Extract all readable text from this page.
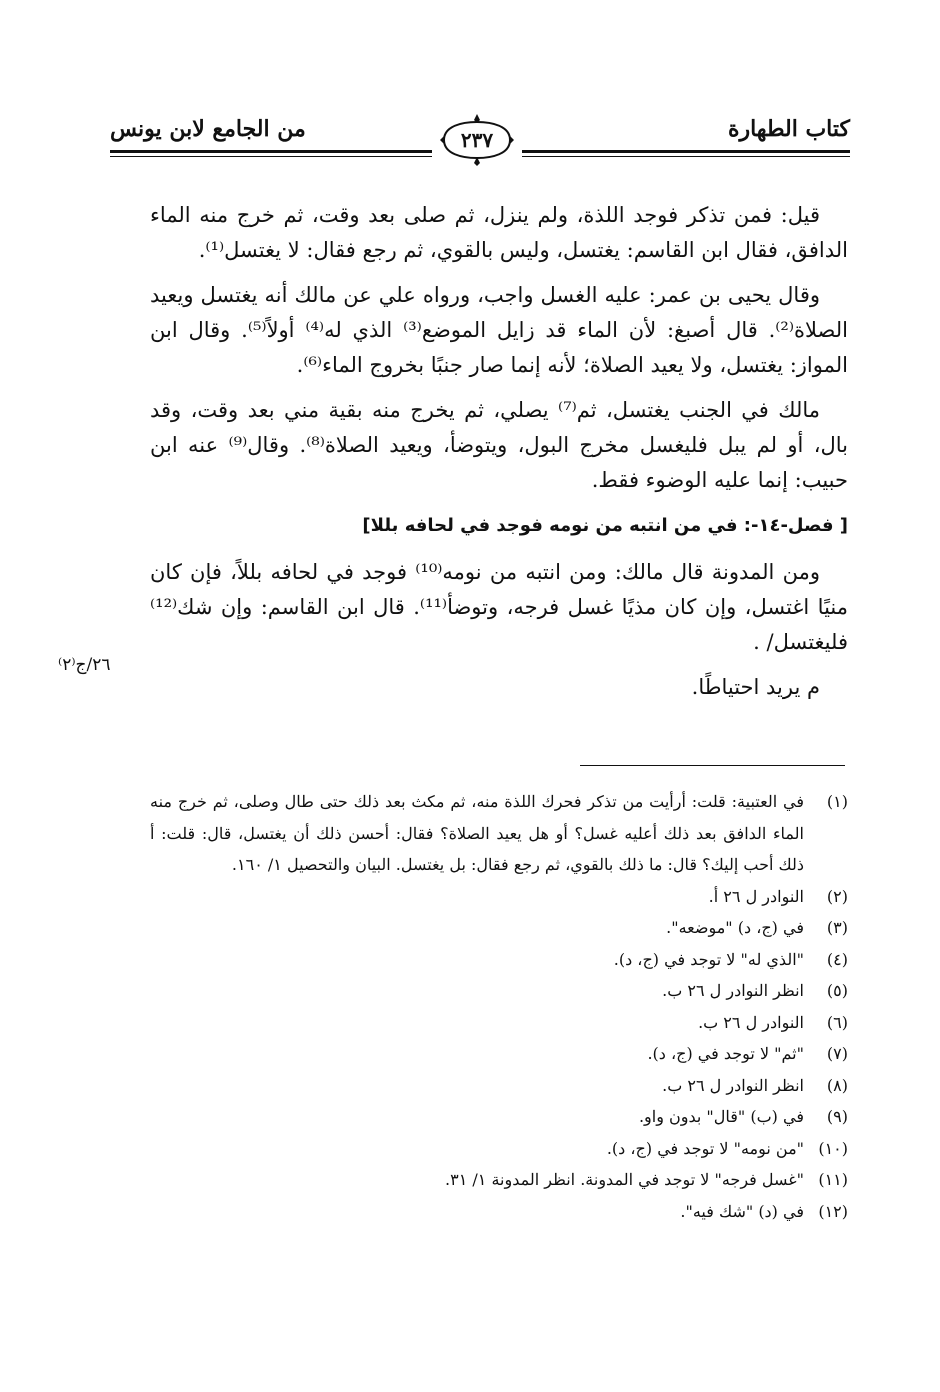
كتاب الطهارة
من الجامع لابن يونس	٢٣٧

قيل: فمن تذكر فوجد اللذة، ولم ينزل، ثم صلى بعد وقت، ثم خرج منه الماء الدافق، فقال ابن القاسم: يغتسل، وليس بالقوي، ثم رجع فقال: لا يغتسل⁽¹⁾.

وقال يحيى بن عمر: عليه الغسل واجب، ورواه علي عن مالك أنه يغتسل ويعيد الصلاة⁽²⁾. قال أصبغ: لأن الماء قد زايل الموضع⁽³⁾ الذي له⁽⁴⁾ أولاً⁽⁵⁾. وقال ابن المواز: يغتسل، ولا يعيد الصلاة؛ لأنه إنما صار جنبًا بخروج الماء⁽⁶⁾.

مالك في الجنب يغتسل، ثم⁽⁷⁾ يصلي، ثم يخرج منه بقية مني بعد وقت، وقد بال، أو لم يبل فليغسل مخرج البول، ويتوضأ، ويعيد الصلاة⁽⁸⁾. وقال⁽⁹⁾ عنه ابن حبيب: إنما عليه الوضوء فقط.

[ فصل-١٤-: في من انتبه من نومه فوجد في لحافه بللا]

ومن المدونة قال مالك: ومن انتبه من نومه⁽¹⁰⁾ فوجد في لحافه بللاً، فإن كان منيًا اغتسل، وإن كان مذيًا غسل فرجه، وتوضأ⁽¹¹⁾. قال ابن القاسم: وإن شك⁽¹²⁾ فليغتسل/ .

م يريد احتياطًا.

٢٦/ج⁽٢⁾
(١)
في العتبية: قلت: أرأيت من تذكر فحرك اللذة منه، ثم مكث بعد ذلك حتى طال وصلى، ثم خرج منه الماء الدافق بعد ذلك أعليه غسل؟ أو هل يعيد الصلاة؟ فقال: أحسن ذلك أن يغتسل، قال: قلت: أ ذلك أحب إليك؟ قال: ما ذلك بالقوي، ثم رجع فقال: بل يغتسل. البيان والتحصيل ١/ ١٦٠.
(٢)
النوادر ل ٢٦ أ.
(٣)
في (ج، د) "موضعه".
(٤)
"الذي له" لا توجد في (ج، د).
(٥)
انظر النوادر ل ٢٦ ب.
(٦)
النوادر ل ٢٦ ب.
(٧)
"ثم" لا توجد في (ج، د).
(٨)
انظر النوادر ل ٢٦ ب.
(٩)
في (ب) "قال" بدون واو.
(١٠)
"من نومه" لا توجد في (ج، د).
(١١)
"غسل فرجه" لا توجد في المدونة. انظر المدونة ١/ ٣١.
(١٢)
في (د) "شك فيه".
